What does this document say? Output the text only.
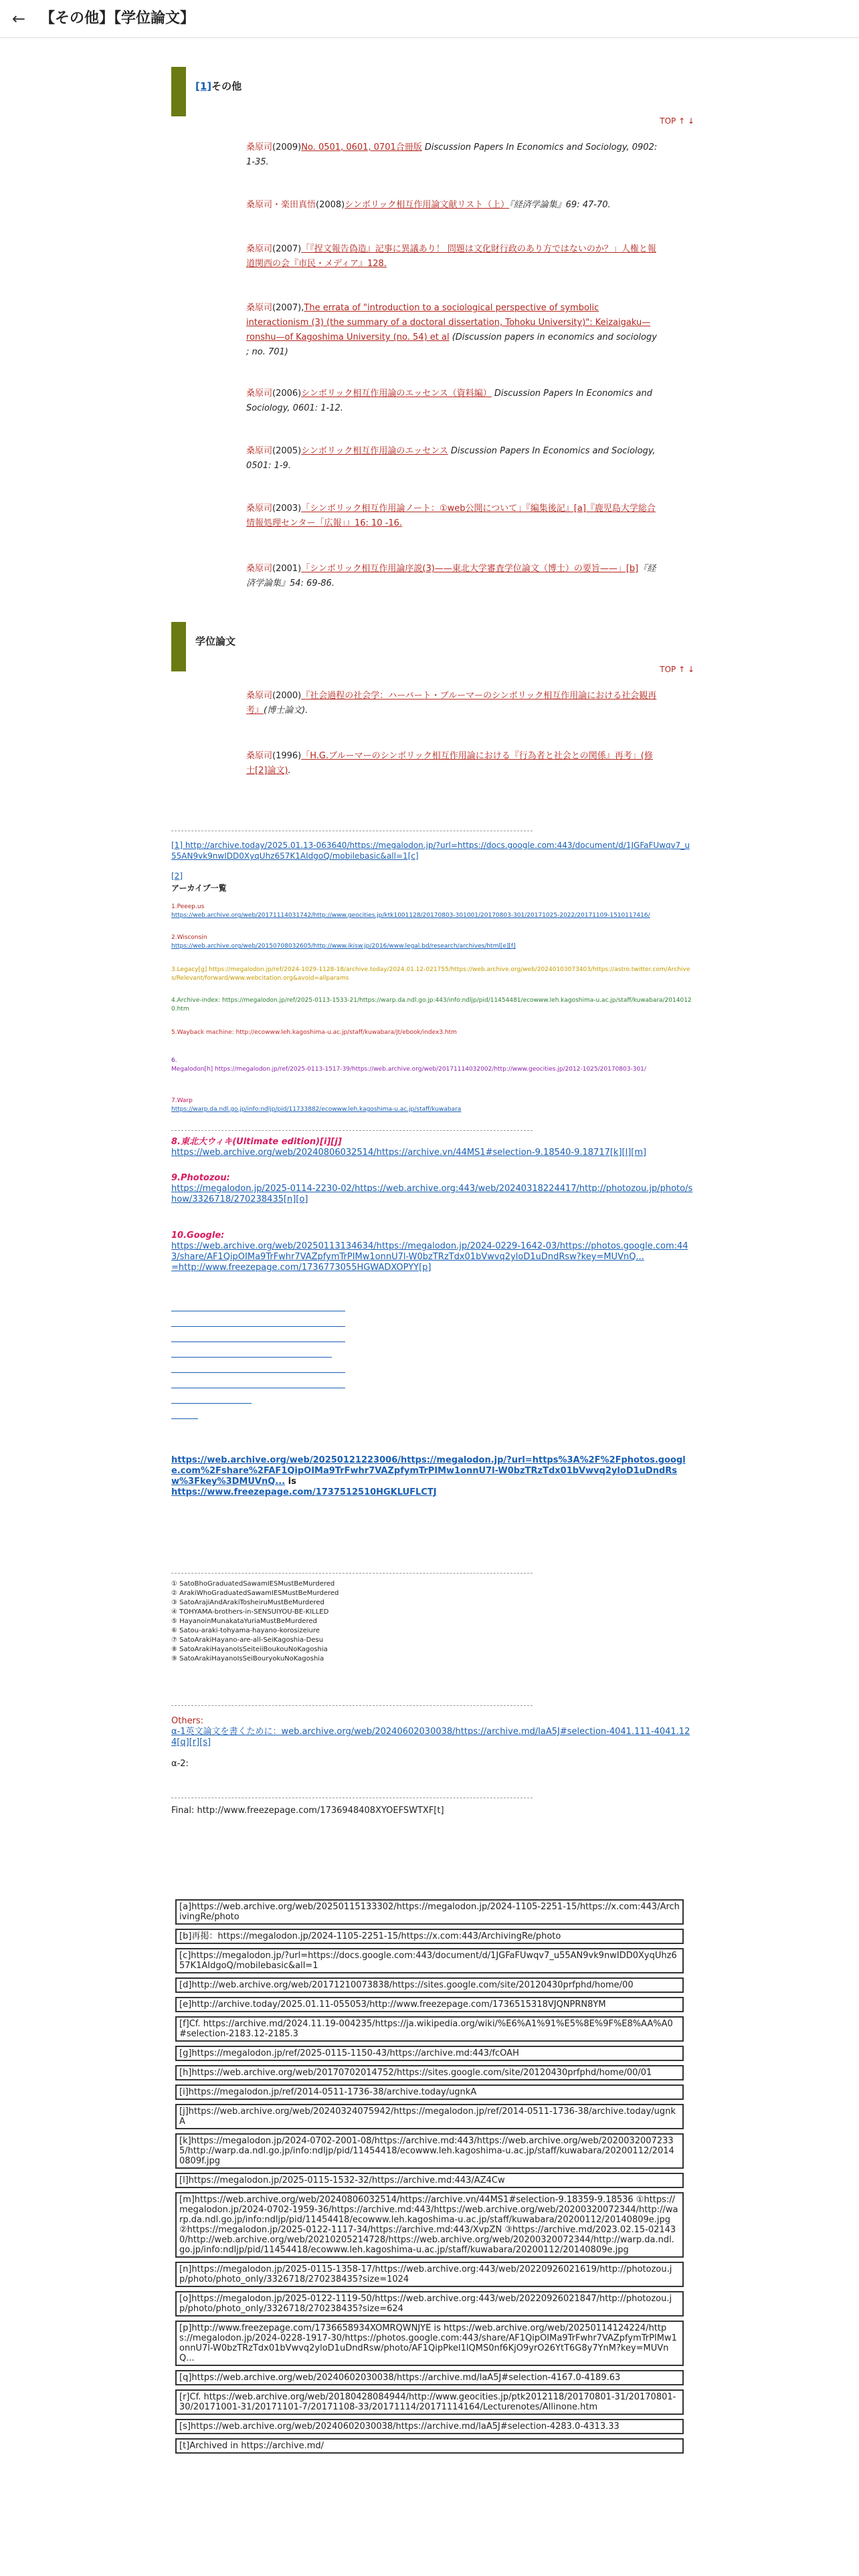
← 【その他】【学位論文】
[1]その他
TOP ↑ ↓
桑原司(2009)No. 0501, 0601, 0701合冊版 Discussion Papers In Economics and Sociology, 0902: 1-35.
桑原司・楽田真悟(2008)シンボリック相互作用論文献リスト（上）『経済学論集』69: 47-70.
桑原司(2007)「『捏文報告偽造』記事に異議あり！ 問題は文化財行政のあり方ではないのか？」人権と報道関西の会『市民・メディア』128.
桑原司(2007),The errata of "introduction to a sociological perspective of symbolic interactionism (3) (the summary of a doctoral dissertation, Tohoku University)": Keizaigaku—ronshu—of Kagoshima University (no. 54) et al (Discussion papers in economics and sociology ; no. 701)
桑原司(2006)シンボリック相互作用論のエッセンス（資料編） Discussion Papers In Economics and Sociology, 0601: 1-12.
桑原司(2005)シンボリック相互作用論のエッセンス Discussion Papers In Economics and Sociology, 0501: 1-9.
桑原司(2003)「シンボリック相互作用論ノート：①web公開について」『編集後記』[a]『鹿児島大学総合情報処理センター「広報」』16: 10 -16.
桑原司(2001)「シンボリック相互作用論序説(3)——東北大学審査学位論文（博士）の要旨——」[b]『経済学論集』54: 69-86.
学位論文
TOP ↑ ↓
桑原司(2000)『社会過程の社会学：ハーバート・ブルーマーのシンボリック相互作用論における社会観再考』(博士論文).
桑原司(1996)「H.G.ブルーマーのシンボリック相互作用論における『行為者と社会との関係』再考」(修士[2]論文).
[1] http://archive.today/2025.01.13-063640/https://megalodon.jp/?url=https://docs.google.com:443/document/d/1JGFaFUwqv7_u55AN9vk9nwIDD0XyqUhz657K1AIdgoQ/mobilebasic&all=1[c]
[2]
アーカイブ一覧
1.Peeep.us
https://web.archive.org/web/20171114031742/http://www.geocities.jp/ktk1001128/20170803-301001/20170803-301/20171025-2022/20171109-1510117416/
2.Wisconsin
https://web.archive.org/web/20150708032605/http://www.ikisw.jp/2016/www.legal.bd/research/archives/html[e][f]
3.Legacy[g] https://megalodon.jp/ref/2024-1029-1128-18/archive.today/2024.01.12-021755/https://web.archive.org/web/20240103073403/https://astro.twitter.com/Archives/Relevant/forward/www.webcitation.org&avoid=allparams
4.Archive-index: https://megalodon.jp/ref/2025-0113-1533-21/https://warp.da.ndl.go.jp:443/info:ndljp/pid/11454481/ecowww.leh.kagoshima-u.ac.jp/staff/kuwabara/20140120.htm
5.Wayback machine: http://ecowww.leh.kagoshima-u.ac.jp/staff/kuwabara/jt/ebook/index3.htm
6.
Megalodon[h] https://megalodon.jp/ref/2025-0113-1517-39/https://web.archive.org/web/20171114032002/http://www.geocities.jp/2012-1025/20170803-301/
7.Warp
https://warp.da.ndl.go.jp/info:ndljp/pid/11733882/ecowww.leh.kagoshima-u.ac.jp/staff/kuwabara
8.東北大ウィキ(Ultimate edition)[i][j]
https://web.archive.org/web/20240806032514/https://archive.vn/44MS1#selection-9.18540-9.18717[k][l][m]
9.Photozou:
https://megalodon.jp/2025-0114-2230-02/https://web.archive.org:443/web/20240318224417/http://photozou.jp/photo/show/3326718/270238435[n][o]
10.Google:
https://web.archive.org/web/20250113134634/https://megalodon.jp/2024-0229-1642-03/https://photos.google.com:443/share/AF1QipOIMa9TrFwhr7VAZpfymTrPIMw1onnU7l-W0bzTRzTdx01bVwvq2yloD1uDndRsw?key=MUVnQ...
=http://www.freezepage.com/1736773055HGWADXOPYY[p]
https://web.archive.org/web/20250121223006/https://megalodon.jp/?url=https%3A%2F%2Fphotos.google.com%2Fshare%2FAF1QipOIMa9TrFwhr7VAZpfymTrPIMw1onnU7l-W0bzTRzTdx01bVwvq2yloD1uDndRsw%3Fkey%3DMUVnQ... is
https://www.freezepage.com/1737512510HGKLUFLCTJ
① SatoBhoGraduatedSawamIESMustBeMurdered
② ArakiWhoGraduatedSawamIESMustBeMurdered
③ SatoArajiAndArakiTosheiruMustBeMurdered
④ TOHYAMA-brothers-in-SENSUIYOU-BE-KILLED
⑤ HayanoinMunakataYuriaMustBeMurdered
⑥ Satou-araki-tohyama-hayano-korosizeiure
⑦ SatoArakiHayano-are-all-SeiKagoshia-Desu
⑧ SatoArakiHayanoIsSeiteiiBoukouNoKagoshia
⑨ SatoArakiHayanoIsSeiBouryokuNoKagoshia
Others:
α-1英文論文を書くために：web.archive.org/web/20240602030038/https://archive.md/laA5J#selection-4041.111-4041.124[q][r][s]

α-2:
Final: http://www.freezepage.com/1736948408XYOEFSWTXF[t]
[a]https://web.archive.org/web/20250115133302/https://megalodon.jp/2024-1105-2251-15/https://x.com:443/ArchivingRe/photo
[b]再掲：https://megalodon.jp/2024-1105-2251-15/https://x.com:443/ArchivingRe/photo
[c]https://megalodon.jp/?url=https://docs.google.com:443/document/d/1JGFaFUwqv7_u55AN9vk9nwIDD0XyqUhz657K1AIdgoQ/mobilebasic&all=1
[d]http://web.archive.org/web/20171210073838/https://sites.google.com/site/20120430prfphd/home/00
[e]http://archive.today/2025.01.11-055053/http://www.freezepage.com/1736515318VJQNPRN8YM
[f]Cf. https://archive.md/2024.11.19-004235/https://ja.wikipedia.org/wiki/%E6%A1%91%E5%8E%9F%E8%AA%A0#selection-2183.12-2185.3
[g]https://megalodon.jp/ref/2025-0115-1150-43/https://archive.md:443/fcOAH
[h]https://web.archive.org/web/20170702014752/https://sites.google.com/site/20120430prfphd/home/00/01
[i]https://megalodon.jp/ref/2014-0511-1736-38/archive.today/ugnkA
[j]https://web.archive.org/web/20240324075942/https://megalodon.jp/ref/2014-0511-1736-38/archive.today/ugnkA
[k]https://megalodon.jp/2024-0702-2001-08/https://archive.md:443/https://web.archive.org/web/20200320072335/http://warp.da.ndl.go.jp/info:ndljp/pid/11454418/ecowww.leh.kagoshima-u.ac.jp/staff/kuwabara/20200112/20140809f.jpg
[l]https://megalodon.jp/2025-0115-1532-32/https://archive.md:443/AZ4Cw
[m]https://web.archive.org/web/20240806032514/https://archive.vn/44MS1#selection-9.18359-9.18536 ①https://megalodon.jp/2024-0702-1959-36/https://archive.md:443/https://web.archive.org/web/20200320072344/http://warp.da.ndl.go.jp/info:ndljp/pid/11454418/ecowww.leh.kagoshima-u.ac.jp/staff/kuwabara/20200112/20140809e.jpg ②https://megalodon.jp/2025-0122-1117-34/https://archive.md:443/XvpZN ③https://archive.md/2023.02.15-021430/http://web.archive.org/web/20210205214728/https://web.archive.org/web/20200320072344/http://warp.da.ndl.go.jp/info:ndljp/pid/11454418/ecowww.leh.kagoshima-u.ac.jp/staff/kuwabara/20200112/20140809e.jpg
[n]https://megalodon.jp/2025-0115-1358-17/https://web.archive.org:443/web/20220926021619/http://photozou.jp/photo/photo_only/3326718/270238435?size=1024
[o]https://megalodon.jp/2025-0122-1119-50/https://web.archive.org:443/web/20220926021847/http://photozou.jp/photo/photo_only/3326718/270238435?size=624
[p]http://www.freezepage.com/1736658934XOMRQWNJYE is https://web.archive.org/web/20250114124224/https://megalodon.jp/2024-0228-1917-30/https://photos.google.com:443/share/AF1QipOIMa9TrFwhr7VAZpfymTrPIMw1onnU7l-W0bzTRzTdx01bVwvq2yloD1uDndRsw/photo/AF1QipPkel1lQMS0nf6KjO9yrO26YtT6G8y7YnM?key=MUVnQ...
[q]https://web.archive.org/web/20240602030038/https://archive.md/laA5J#selection-4167.0-4189.63
[r]Cf. https://web.archive.org/web/20180428084944/http://www.geocities.jp/ptk2012118/20170801-31/20170801-30/20171001-31/20171101-7/20171108-33/20171114/20171114164/Lecturenotes/Allinone.htm
[s]https://web.archive.org/web/20240602030038/https://archive.md/laA5J#selection-4283.0-4313.33
[t]Archived in https://archive.md/
